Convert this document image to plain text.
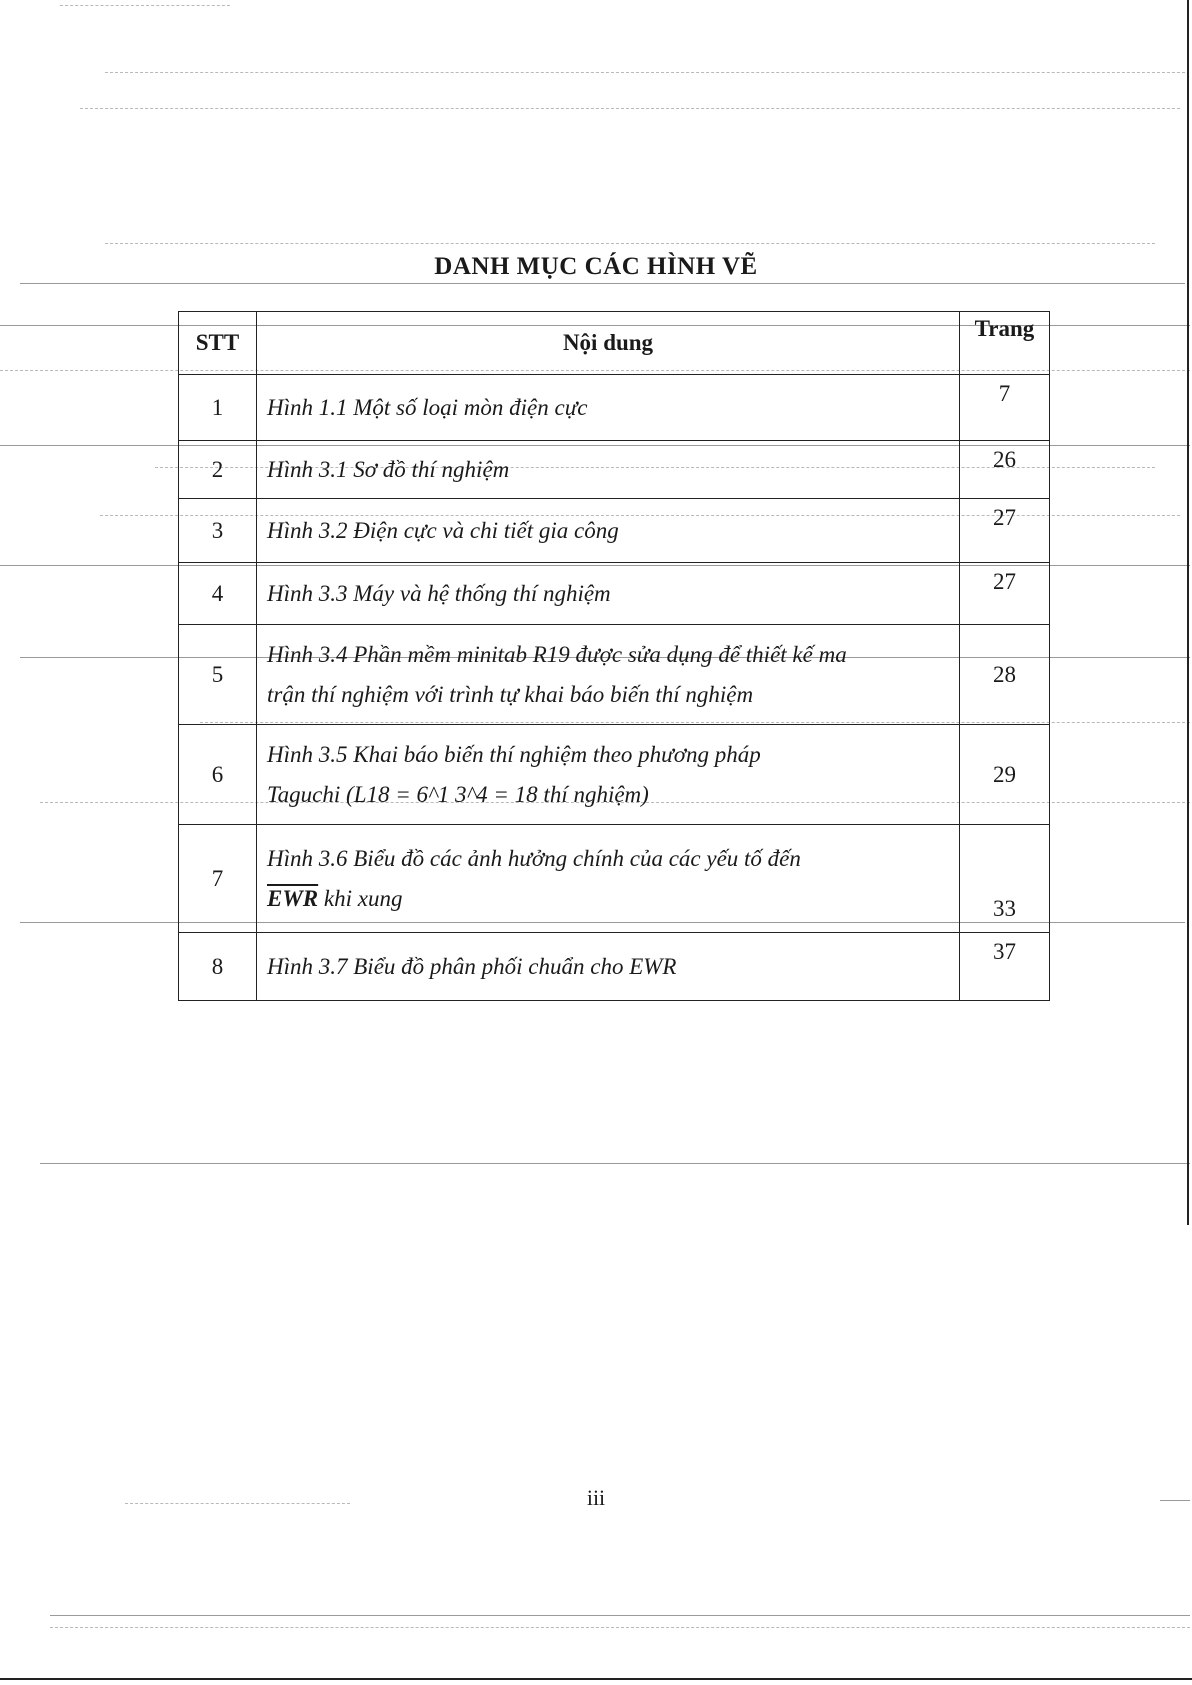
DANH MỤC CÁC HÌNH VẼ
STT	Nội dung	Trang
1	Hình 1.1 Một số loại mòn điện cực	7
2	Hình 3.1 Sơ đồ thí nghiệm	26
3	Hình 3.2 Điện cực và chi tiết gia công	27
4	Hình 3.3 Máy và hệ thống thí nghiệm	27
5	Hình 3.4 Phần mềm minitab R19 được sửa dụng để thiết kế ma
trận thí nghiệm với trình tự khai báo biến thí nghiệm	28
6	Hình 3.5 Khai báo biến thí nghiệm theo phương pháp
Taguchi (L18 = 6^1 3^4 = 18 thí nghiệm)	29
7	Hình 3.6 Biểu đồ các ảnh hưởng chính của các yếu tố đến
$\overline{EWR}$ khi xung	33
8	Hình 3.7 Biểu đồ phân phối chuẩn cho EWR	37
iii
